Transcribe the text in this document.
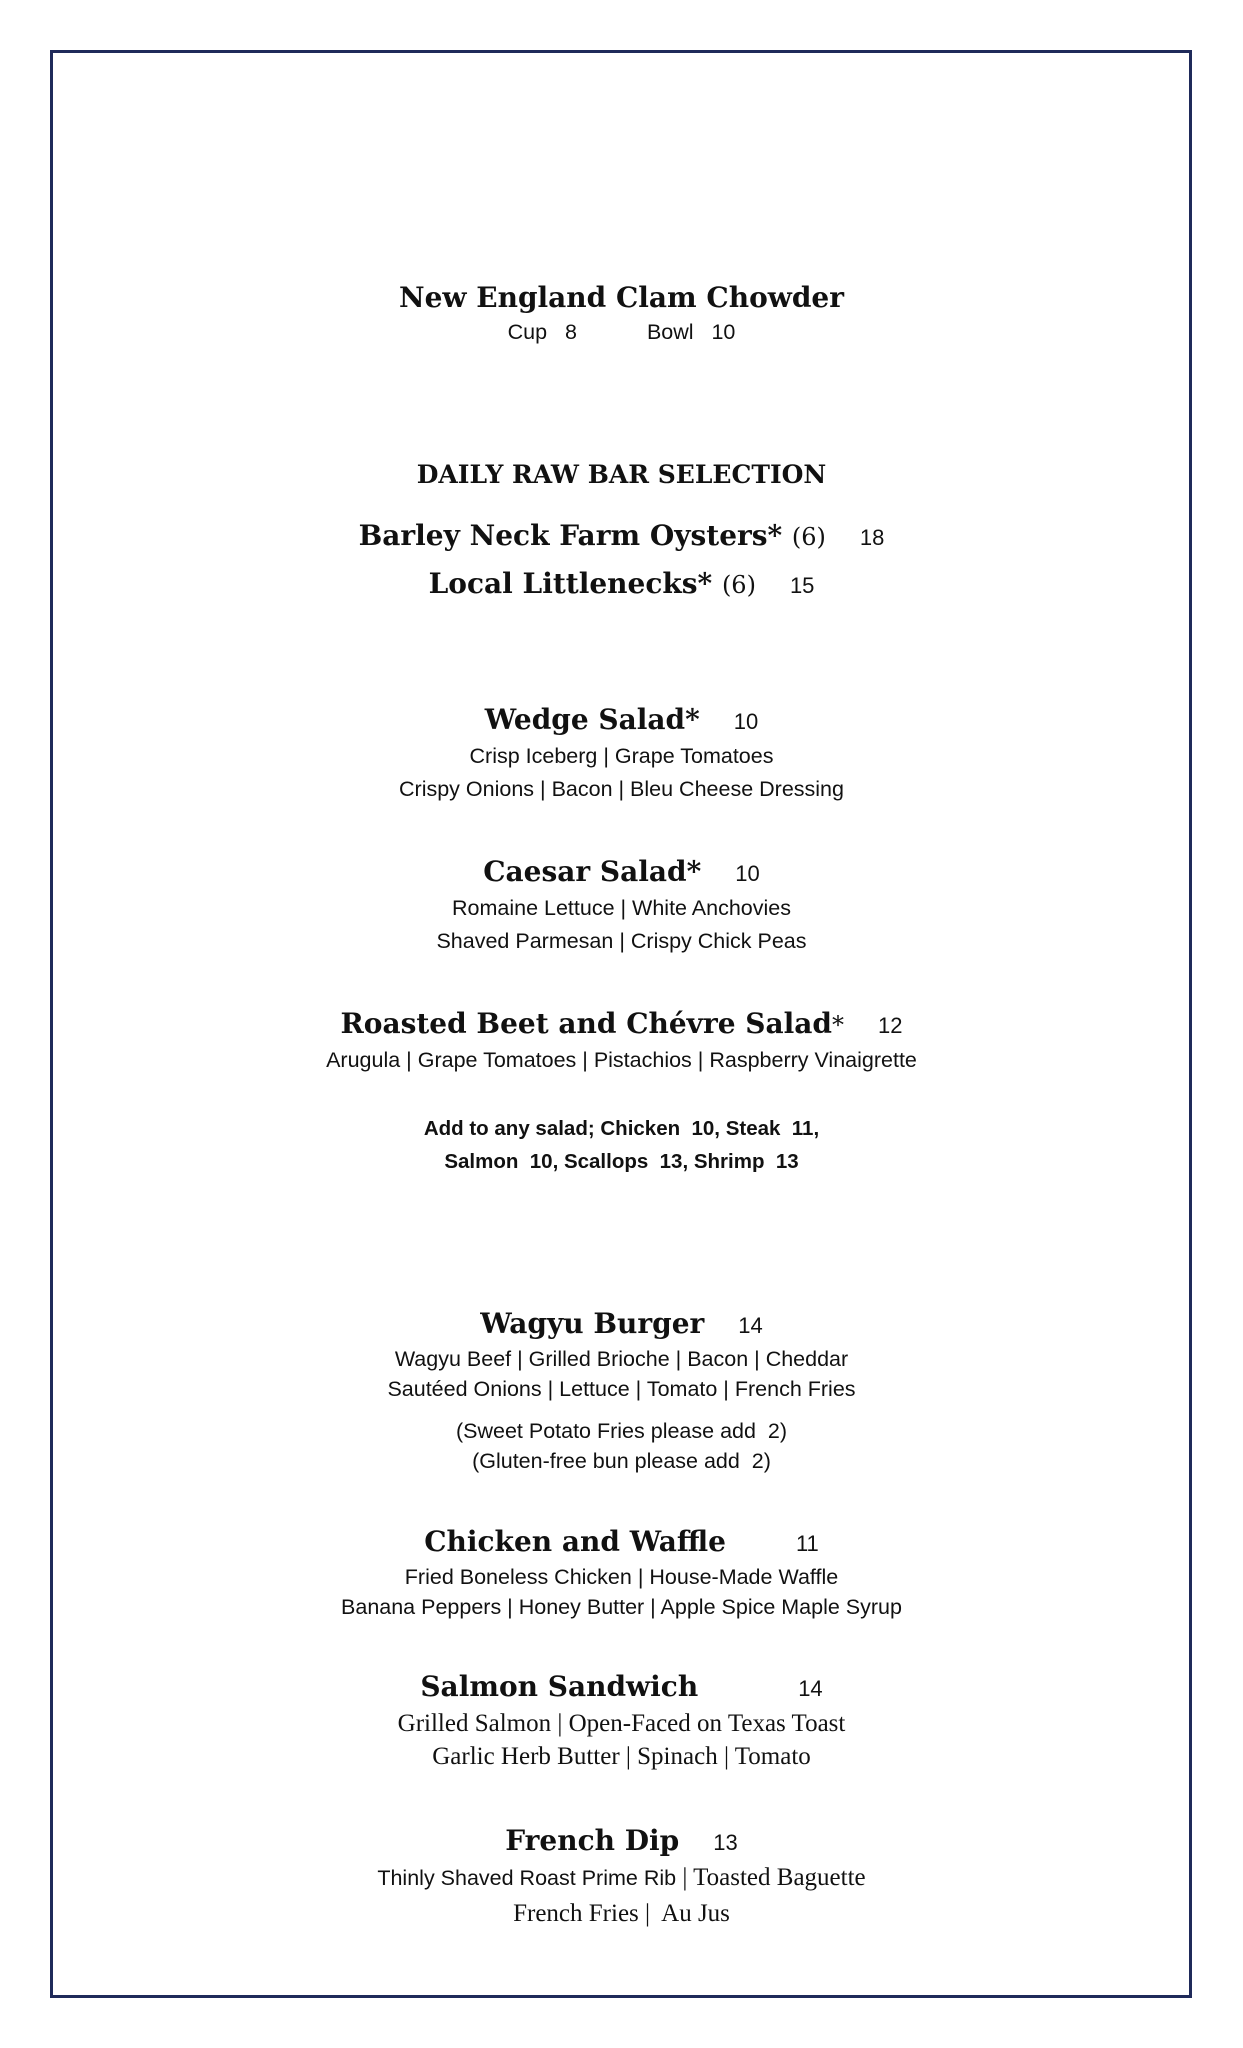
New England Clam Chowder
Cup   8	Bowl   10
DAILY RAW BAR SELECTION
Barley Neck Farm Oysters* (6) 18
Local Littlenecks* (6) 15
Wedge Salad* 10
Crisp Iceberg | Grape Tomatoes
Crispy Onions | Bacon | Bleu Cheese Dressing
Caesar Salad* 10
Romaine Lettuce | White Anchovies
Shaved Parmesan | Crispy Chick Peas
Roasted Beet and Chévre Salad* 12
Arugula | Grape Tomatoes | Pistachios | Raspberry Vinaigrette
Add to any salad; Chicken  10, Steak  11,
Salmon  10, Scallops  13, Shrimp  13
Wagyu Burger 14
Wagyu Beef | Grilled Brioche | Bacon | Cheddar
Sautéed Onions | Lettuce | Tomato | French Fries
(Sweet Potato Fries please add  2)
(Gluten-free bun please add  2)
Chicken and Waffle	11
Fried Boneless Chicken | House-Made Waffle
Banana Peppers | Honey Butter | Apple Spice Maple Syrup
Salmon Sandwich	14
Grilled Salmon | Open-Faced on Texas Toast
Garlic Herb Butter | Spinach | Tomato
French Dip 13
Thinly Shaved Roast Prime Rib | Toasted Baguette
French Fries |  Au Jus
